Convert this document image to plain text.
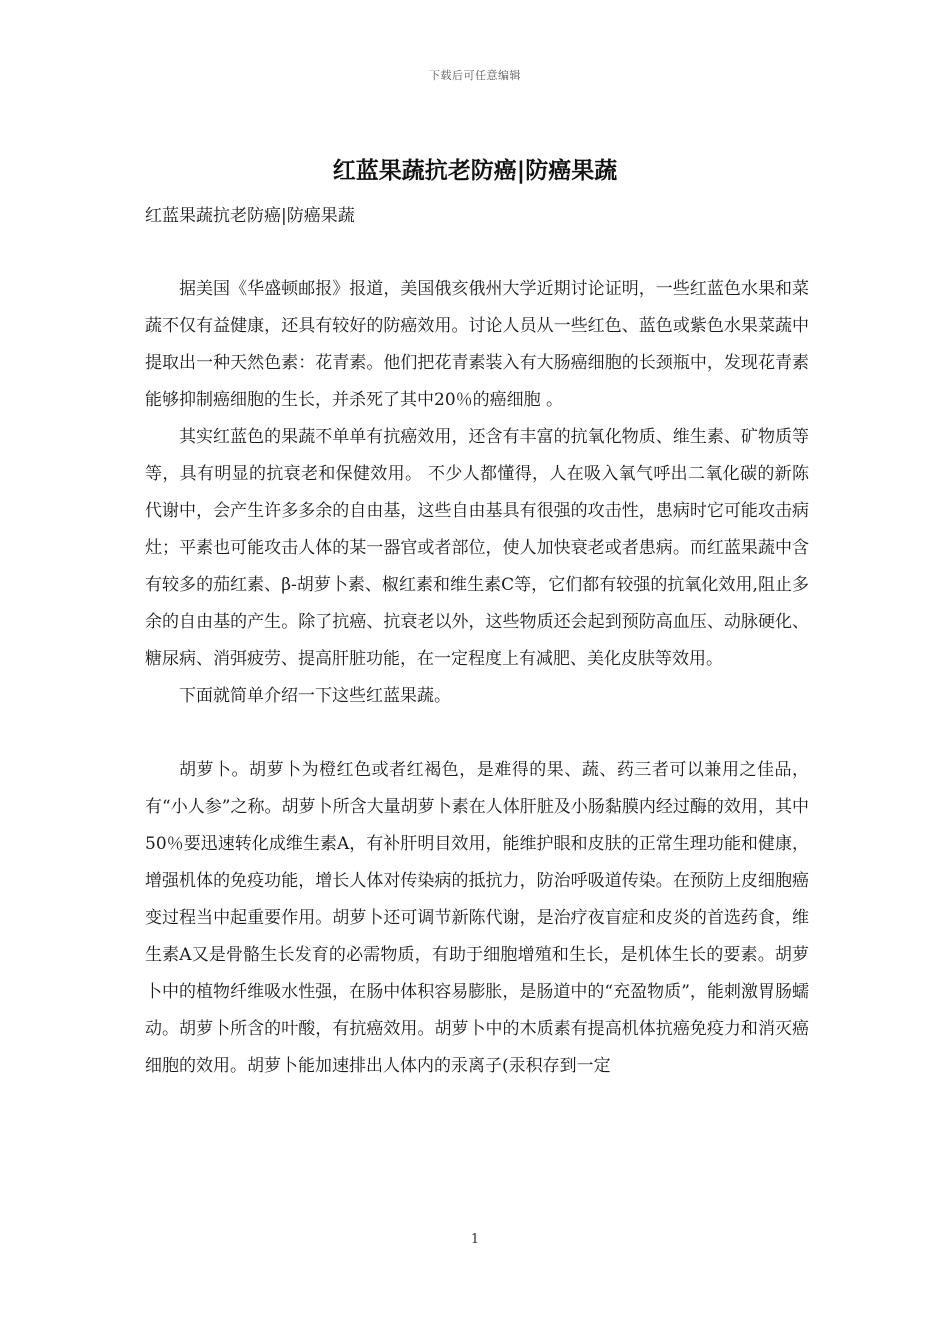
下载后可任意编辑
红蓝果蔬抗老防癌|防癌果蔬
红蓝果蔬抗老防癌|防癌果蔬

据美国《华盛顿邮报》报道，美国俄亥俄州大学近期讨论证明，一些红蓝色水果和菜蔬不仅有益健康，还具有较好的防癌效用。讨论人员从一些红色、蓝色或紫色水果菜蔬中提取出一种天然色素：花青素。他们把花青素装入有大肠癌细胞的长颈瓶中，发现花青素能够抑制癌细胞的生长，并杀死了其中20％的癌细胞 。

其实红蓝色的果蔬不单单有抗癌效用，还含有丰富的抗氧化物质、维生素、矿物质等等，具有明显的抗衰老和保健效用。 不少人都懂得，人在吸入氧气呼出二氧化碳的新陈代谢中，会产生许多多余的自由基，这些自由基具有很强的攻击性，患病时它可能攻击病灶；平素也可能攻击人体的某一器官或者部位，使人加快衰老或者患病。而红蓝果蔬中含有较多的茄红素、β-胡萝卜素、椒红素和维生素C等，它们都有较强的抗氧化效用,阻止多余的自由基的产生。除了抗癌、抗衰老以外，这些物质还会起到预防高血压、动脉硬化、糖尿病、消弭疲劳、提高肝脏功能，在一定程度上有减肥、美化皮肤等效用。

下面就简单介绍一下这些红蓝果蔬。

胡萝卜。胡萝卜为橙红色或者红褐色，是难得的果、蔬、药三者可以兼用之佳品，有“小人参”之称。胡萝卜所含大量胡萝卜素在人体肝脏及小肠黏膜内经过酶的效用，其中50％要迅速转化成维生素A，有补肝明目效用，能维护眼和皮肤的正常生理功能和健康，增强机体的免疫功能，增长人体对传染病的抵抗力，防治呼吸道传染。在预防上皮细胞癌变过程当中起重要作用。胡萝卜还可调节新陈代谢，是治疗夜盲症和皮炎的首选药食，维生素A又是骨骼生长发育的必需物质，有助于细胞增殖和生长，是机体生长的要素。胡萝卜中的植物纤维吸水性强，在肠中体积容易膨胀，是肠道中的“充盈物质”，能刺激胃肠蠕动。胡萝卜所含的叶酸，有抗癌效用。胡萝卜中的木质素有提高机体抗癌免疫力和消灭癌细胞的效用。胡萝卜能加速排出人体内的汞离子(汞积存到一定

1
